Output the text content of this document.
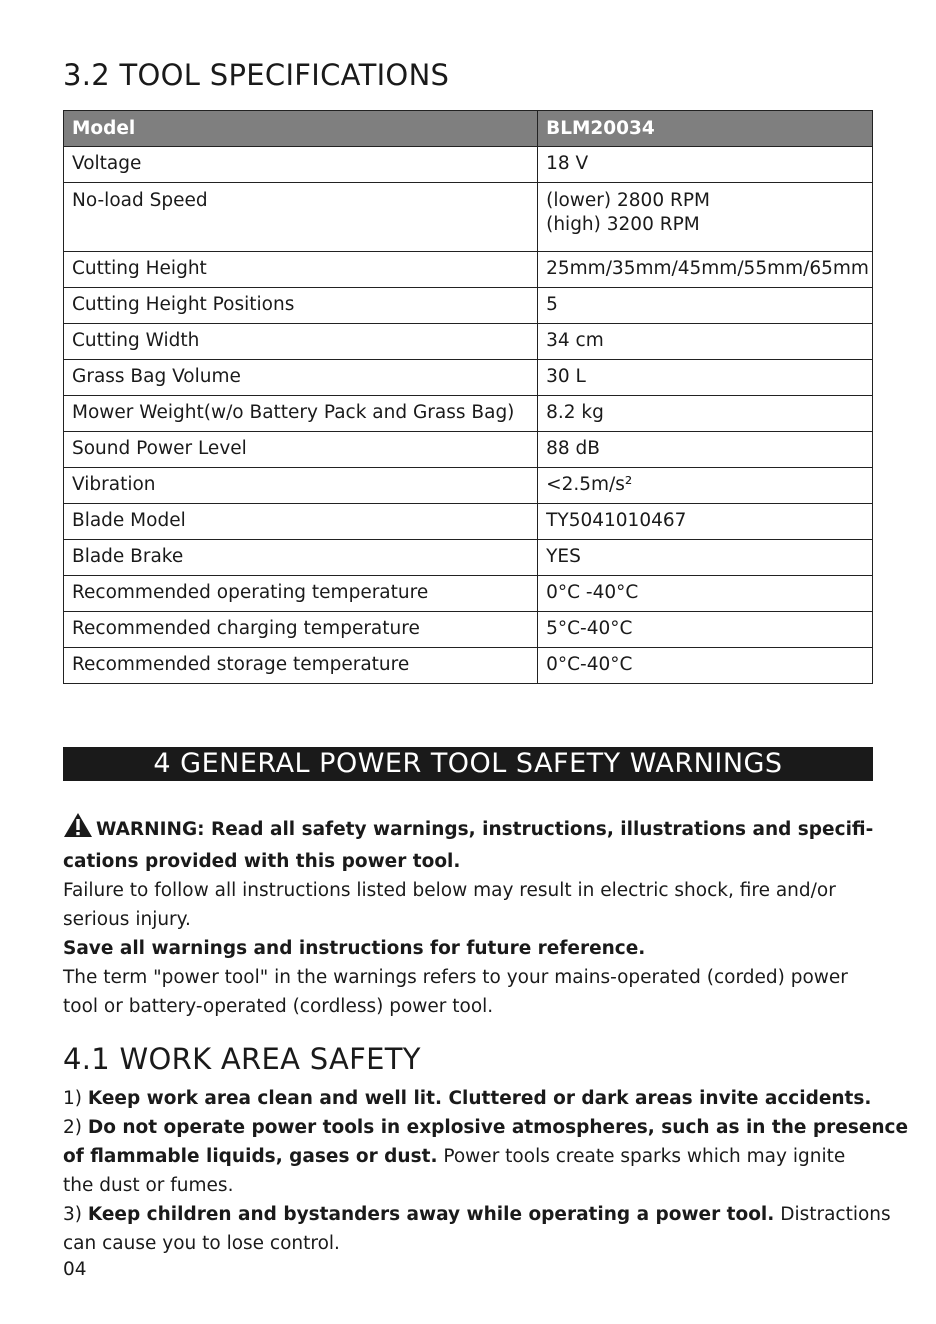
3.2 TOOL SPECIFICATIONS
Model	BLM20034
Voltage	18 V
No-load Speed	(lower) 2800 RPM
(high) 3200 RPM

Cutting Height	25mm/35mm/45mm/55mm/65mm
Cutting Height Positions	5
Cutting Width	34 cm
Grass Bag Volume	30 L
Mower Weight(w/o Battery Pack and Grass Bag)	8.2 kg
Sound Power Level	88 dB
Vibration	<2.5m/s²
Blade Model	TY5041010467
Blade Brake	YES
Recommended operating temperature	0°C -40°C
Recommended charging temperature	5°C-40°C
Recommended storage temperature	0°C-40°C
4 GENERAL POWER TOOL SAFETY WARNINGS
WARNING: Read all safety warnings, instructions, illustrations and specifi-
cations provided with this power tool.
Failure to follow all instructions listed below may result in electric shock, fire and/or
serious injury.
Save all warnings and instructions for future reference.
The term "power tool" in the warnings refers to your mains-operated (corded) power
tool or battery-operated (cordless) power tool.
4.1 WORK AREA SAFETY
1) Keep work area clean and well lit. Cluttered or dark areas invite accidents.
2) Do not operate power tools in explosive atmospheres, such as in the presence
of flammable liquids, gases or dust. Power tools create sparks which may ignite
the dust or fumes.
3) Keep children and bystanders away while operating a power tool. Distractions
can cause you to lose control.
04
